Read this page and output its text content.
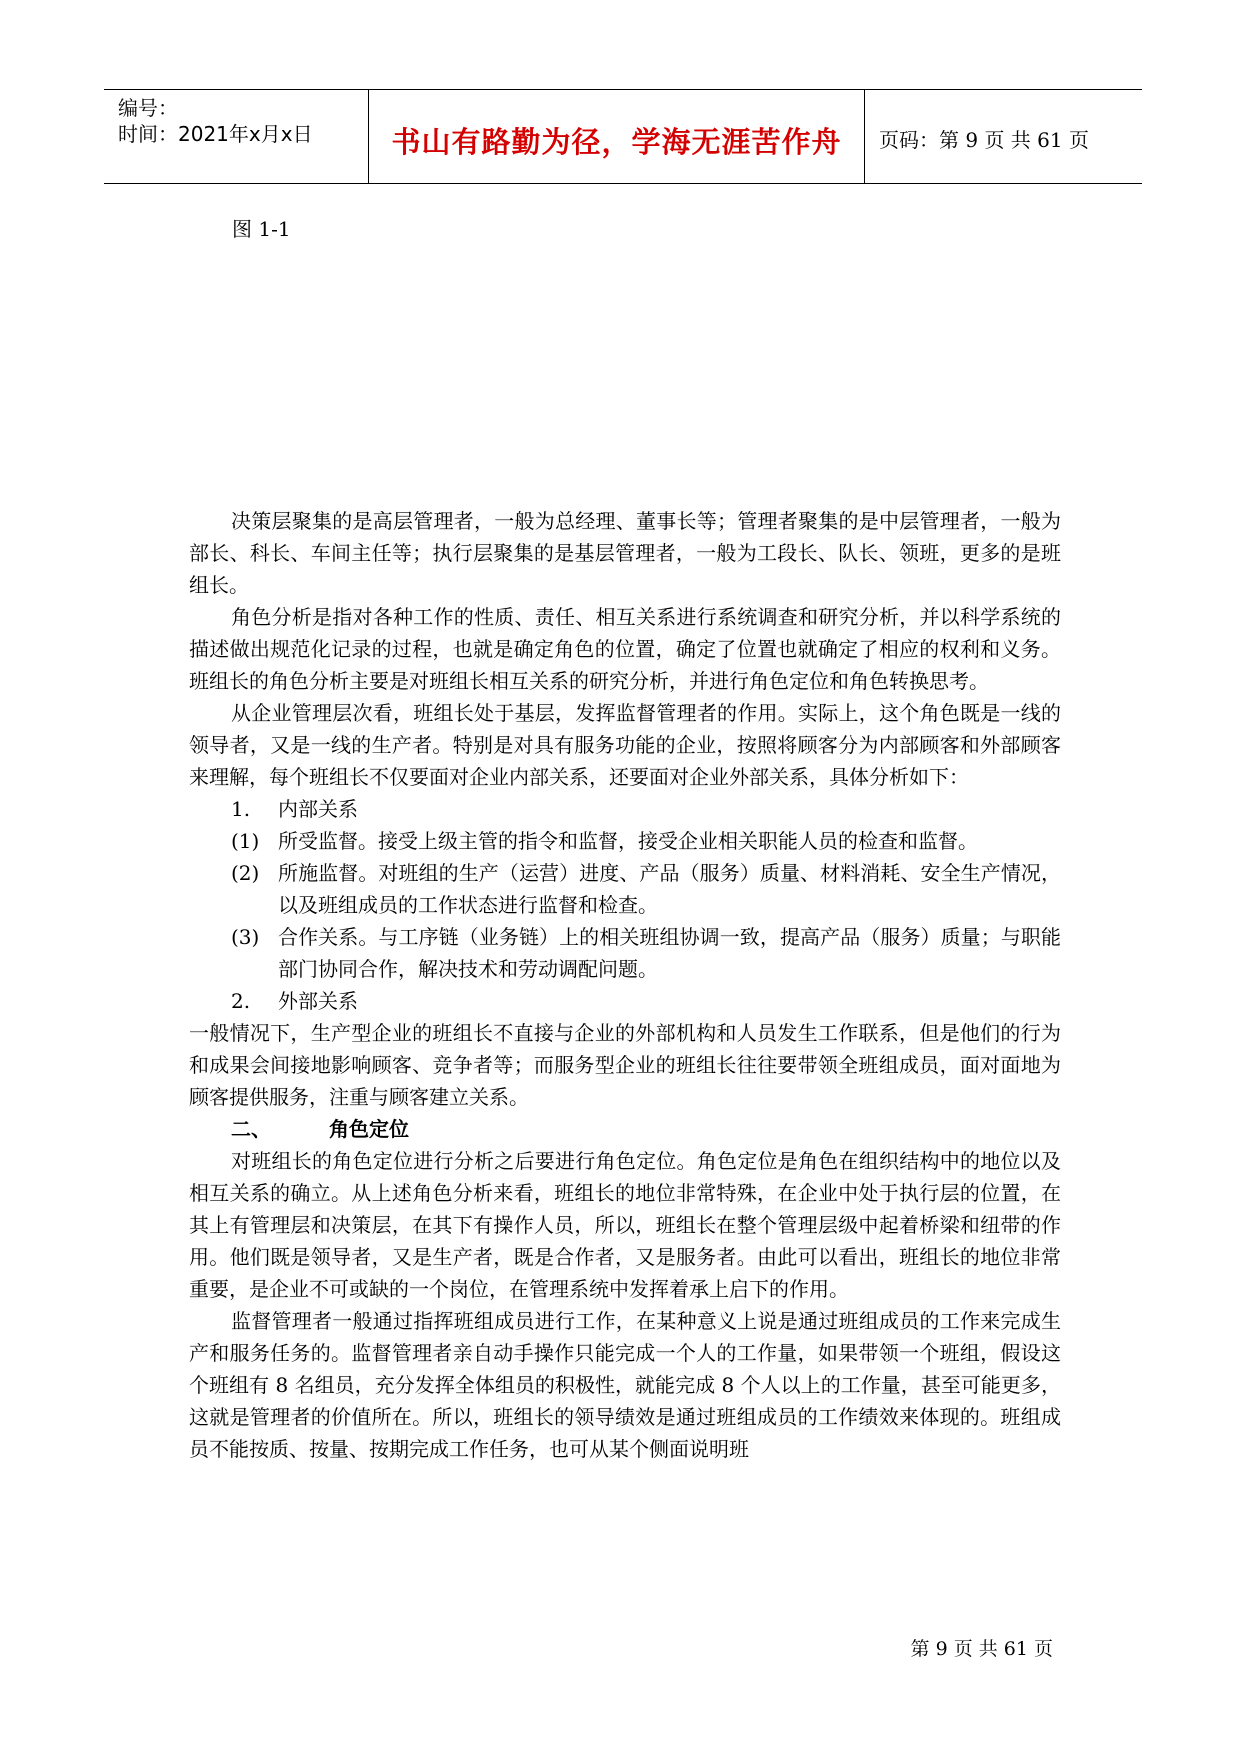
编号：
时间：2021年x月x日	书山有路勤为径，学海无涯苦作舟	页码：第 9 页 共 61 页
图 1-1

决策层聚集的是高层管理者，一般为总经理、董事长等；管理者聚集的是中层管理者，一般为部长、科长、车间主任等；执行层聚集的是基层管理者，一般为工段长、队长、领班，更多的是班组长。

角色分析是指对各种工作的性质、责任、相互关系进行系统调查和研究分析，并以科学系统的描述做出规范化记录的过程，也就是确定角色的位置，确定了位置也就确定了相应的权利和义务。班组长的角色分析主要是对班组长相互关系的研究分析，并进行角色定位和角色转换思考。

从企业管理层次看，班组长处于基层，发挥监督管理者的作用。实际上，这个角色既是一线的领导者，又是一线的生产者。特别是对具有服务功能的企业，按照将顾客分为内部顾客和外部顾客来理解，每个班组长不仅要面对企业内部关系，还要面对企业外部关系，具体分析如下：

1. 内部关系
(1) 所受监督。接受上级主管的指令和监督，接受企业相关职能人员的检查和监督。

(2) 所施监督。对班组的生产（运营）进度、产品（服务）质量、材料消耗、安全生产情况，以及班组成员的工作状态进行监督和检查。

(3) 合作关系。与工序链（业务链）上的相关班组协调一致，提高产品（服务）质量；与职能部门协同合作，解决技术和劳动调配问题。

2. 外部关系

一般情况下，生产型企业的班组长不直接与企业的外部机构和人员发生工作联系，但是他们的行为和成果会间接地影响顾客、竞争者等；而服务型企业的班组长往往要带领全班组成员，面对面地为顾客提供服务，注重与顾客建立关系。

二、	角色定位

对班组长的角色定位进行分析之后要进行角色定位。角色定位是角色在组织结构中的地位以及相互关系的确立。从上述角色分析来看，班组长的地位非常特殊，在企业中处于执行层的位置，在其上有管理层和决策层，在其下有操作人员，所以，班组长在整个管理层级中起着桥梁和纽带的作用。他们既是领导者，又是生产者，既是合作者，又是服务者。由此可以看出，班组长的地位非常重要，是企业不可或缺的一个岗位，在管理系统中发挥着承上启下的作用。

监督管理者一般通过指挥班组成员进行工作，在某种意义上说是通过班组成员的工作来完成生产和服务任务的。监督管理者亲自动手操作只能完成一个人的工作量，如果带领一个班组，假设这个班组有 8 名组员，充分发挥全体组员的积极性，就能完成 8 个人以上的工作量，甚至可能更多，这就是管理者的价值所在。所以，班组长的领导绩效是通过班组成员的工作绩效来体现的。班组成员不能按质、按量、按期完成工作任务，也可从某个侧面说明班

第 9 页 共 61 页
